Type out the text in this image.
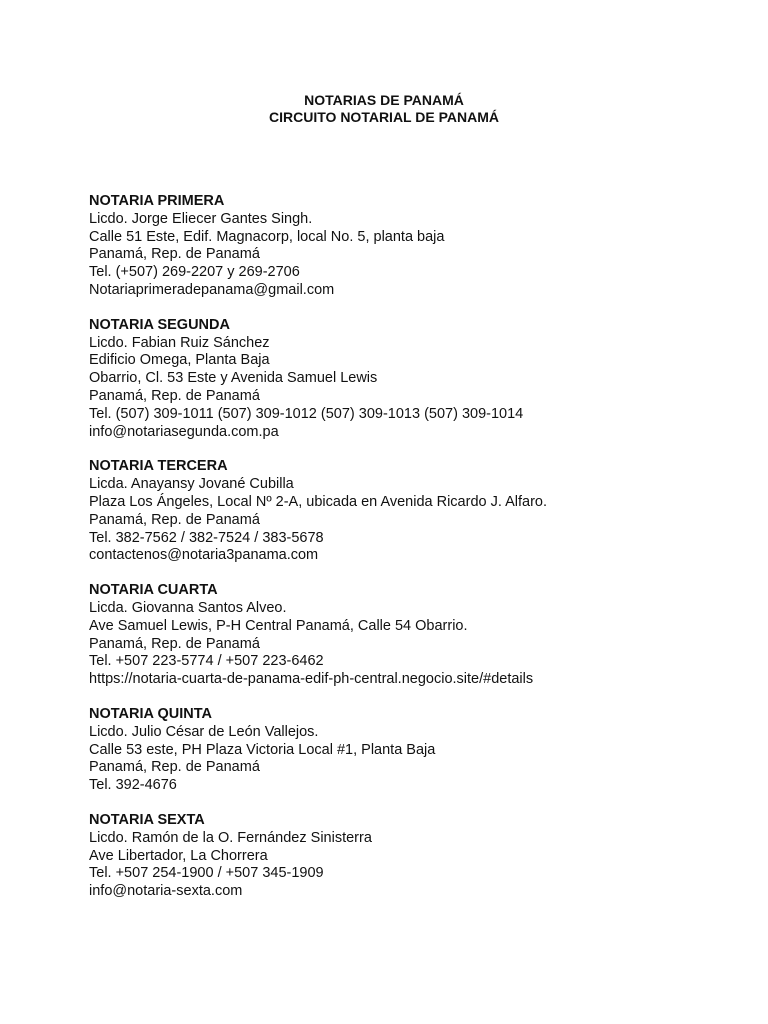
NOTARIAS DE PANAMÁ
CIRCUITO NOTARIAL DE PANAMÁ
NOTARIA PRIMERA
Licdo. Jorge Eliecer Gantes Singh.
Calle 51 Este, Edif. Magnacorp, local No. 5, planta baja
Panamá, Rep. de Panamá
Tel. (+507) 269-2207 y 269-2706
Notariaprimeradepanama@gmail.com
NOTARIA SEGUNDA
Licdo. Fabian Ruiz Sánchez
Edificio Omega, Planta Baja
Obarrio, Cl. 53 Este y Avenida Samuel Lewis
Panamá, Rep. de Panamá
Tel. (507) 309-1011 (507) 309-1012 (507) 309-1013 (507) 309-1014
info@notariasegunda.com.pa
NOTARIA TERCERA
Licda. Anayansy Jované Cubilla
Plaza Los Ángeles, Local Nº 2-A, ubicada en Avenida Ricardo J. Alfaro.
Panamá, Rep. de Panamá
Tel. 382-7562 / 382-7524 / 383-5678
contactenos@notaria3panama.com
NOTARIA CUARTA
Licda. Giovanna Santos Alveo.
Ave Samuel Lewis, P-H Central Panamá, Calle 54 Obarrio.
Panamá, Rep. de Panamá
Tel. +507 223-5774 / +507 223-6462
https://notaria-cuarta-de-panama-edif-ph-central.negocio.site/#details
NOTARIA QUINTA
Licdo. Julio César de León Vallejos.
Calle 53 este, PH Plaza Victoria Local #1, Planta Baja
Panamá, Rep. de Panamá
Tel. 392-4676
NOTARIA SEXTA
Licdo. Ramón de la O. Fernández Sinisterra
Ave Libertador, La Chorrera
Tel. +507 254-1900 / +507 345-1909
info@notaria-sexta.com
